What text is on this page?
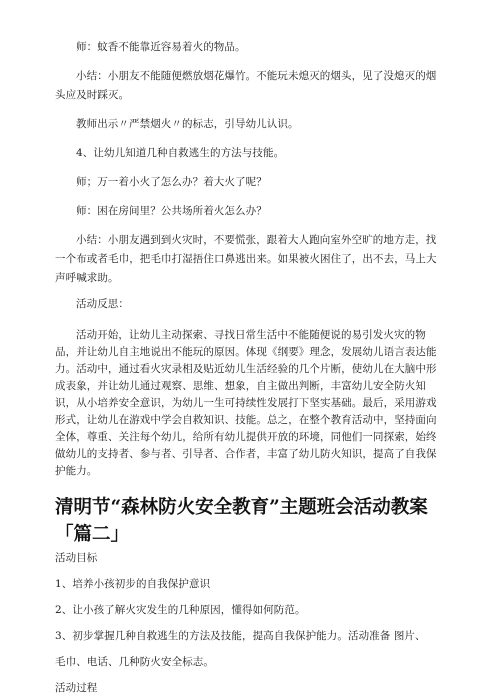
师：蚊香不能靠近容易着火的物品。

小结：小朋友不能随便燃放烟花爆竹。不能玩未熄灭的烟头，见了没熄灭的烟 头应及时踩灭。

教师出示〃严禁烟火〃的标志，引导幼儿认识。

4、让幼儿知道几种自救逃生的方法与技能。

师；万一着小火了怎么办？着大火了呢？

师：困在房间里？公共场所着火怎么办？

小结：小朋友遇到到火灾时，不要慌张，跟着大人跑向室外空旷的地方走，找 一个布或者毛巾，把毛巾打湿捂住口鼻逃出来。如果被火困住了，出不去，马上大 声呼喊求助。

活动反思：

活动开始，让幼儿主动探索、寻找日常生活中不能随便说的易引发火灾的物 品，并让幼儿自主地说出不能玩的原因。体现《纲要》理念，发展幼儿语言表达能 力。活动中，通过看火灾录相及贴近幼儿生活经验的几个片断，使幼儿在大脑中形 成表象，并让幼儿通过观察、思维、想象，自主做出判断，丰富幼儿安全防火知 识，从小培养安全意识，为幼儿一生可持续性发展打下坚实基础。最后，采用游戏 形式，让幼儿在游戏中学会自救知识、技能。总之，在整个教育活动中，坚持面向 全体，尊重、关注每个幼儿，给所有幼儿提供开放的环境，同他们一同探索，始终 做幼儿的支持者、参与者、引导者、合作者，丰富了幼儿防火知识，提高了自我保 护能力。

清明节“森林防火安全教育”主题班会活动教案「篇二」

活动目标

1、培养小孩初步的自我保护意识

2、让小孩了解火灾发生的几种原因，懂得如何防范。

3、初步掌握几种自救逃生的方法及技能，提高自我保护能力。活动准备 图片、

毛巾、电话、几种防火安全标志。

活动过程
